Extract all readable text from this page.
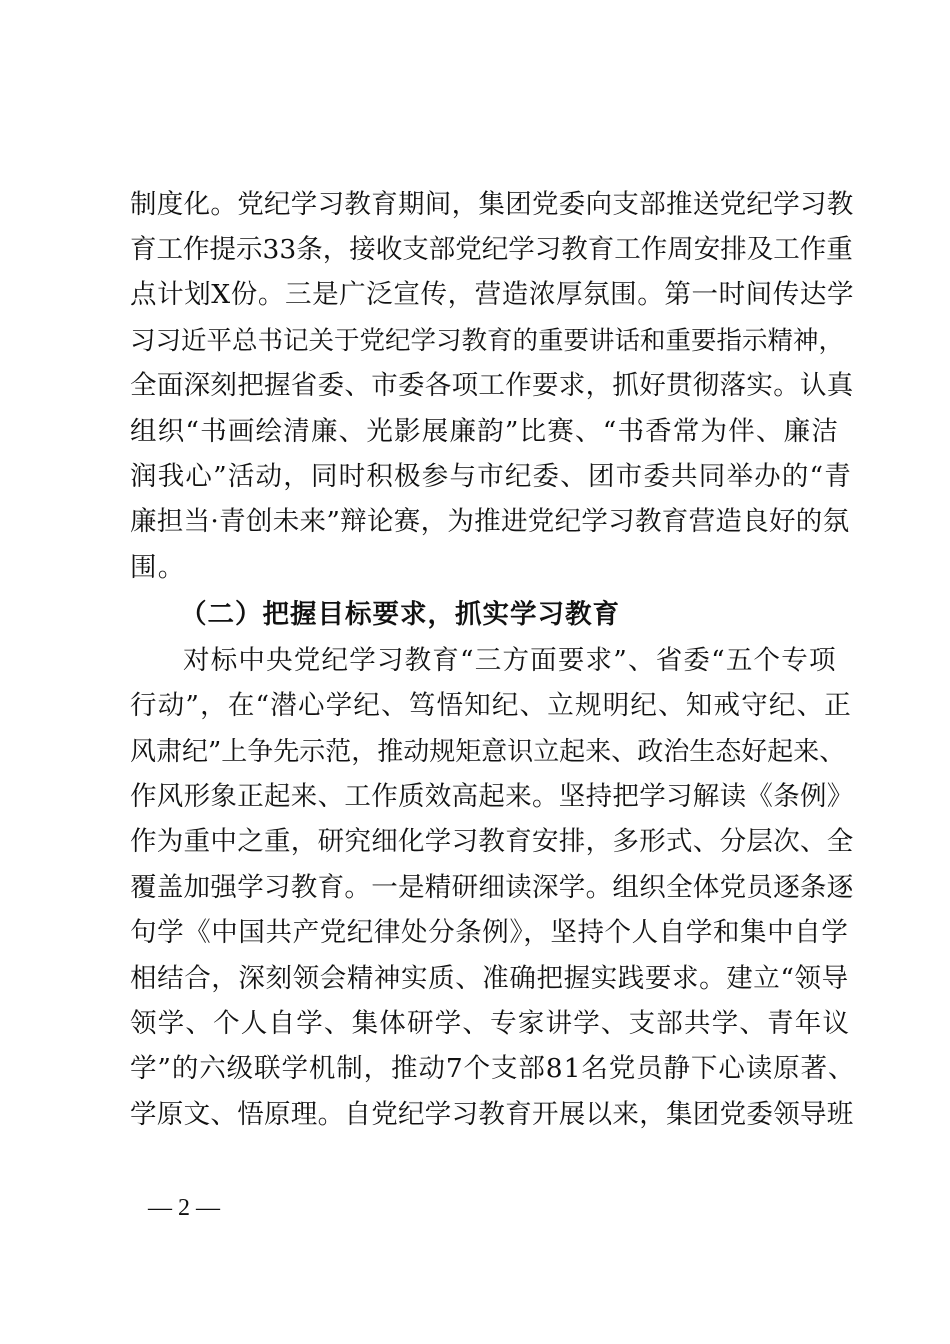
制度化。党纪学习教育期间，集团党委向支部推送党纪学习教
育工作提示33条，接收支部党纪学习教育工作周安排及工作重
点计划X份。三是广泛宣传，营造浓厚氛围。第一时间传达学
习习近平总书记关于党纪学习教育的重要讲话和重要指示精神，
全面深刻把握省委、市委各项工作要求，抓好贯彻落实。认真
组织“书画绘清廉、光影展廉韵”比赛、“书香常为伴、廉洁
润我心”活动，同时积极参与市纪委、团市委共同举办的“青
廉担当·青创未来”辩论赛，为推进党纪学习教育营造良好的氛
围。
（二）把握目标要求，抓实学习教育
对标中央党纪学习教育“三方面要求”、省委“五个专项
行动”，在“潜心学纪、笃悟知纪、立规明纪、知戒守纪、正
风肃纪”上争先示范，推动规矩意识立起来、政治生态好起来、
作风形象正起来、工作质效高起来。坚持把学习解读《条例》
作为重中之重，研究细化学习教育安排，多形式、分层次、全
覆盖加强学习教育。一是精研细读深学。组织全体党员逐条逐
句学《中国共产党纪律处分条例》，坚持个人自学和集中自学
相结合，深刻领会精神实质、准确把握实践要求。建立“领导
领学、个人自学、集体研学、专家讲学、支部共学、青年议
学”的六级联学机制，推动7个支部81名党员静下心读原著、
学原文、悟原理。自党纪学习教育开展以来，集团党委领导班
— 2 —
